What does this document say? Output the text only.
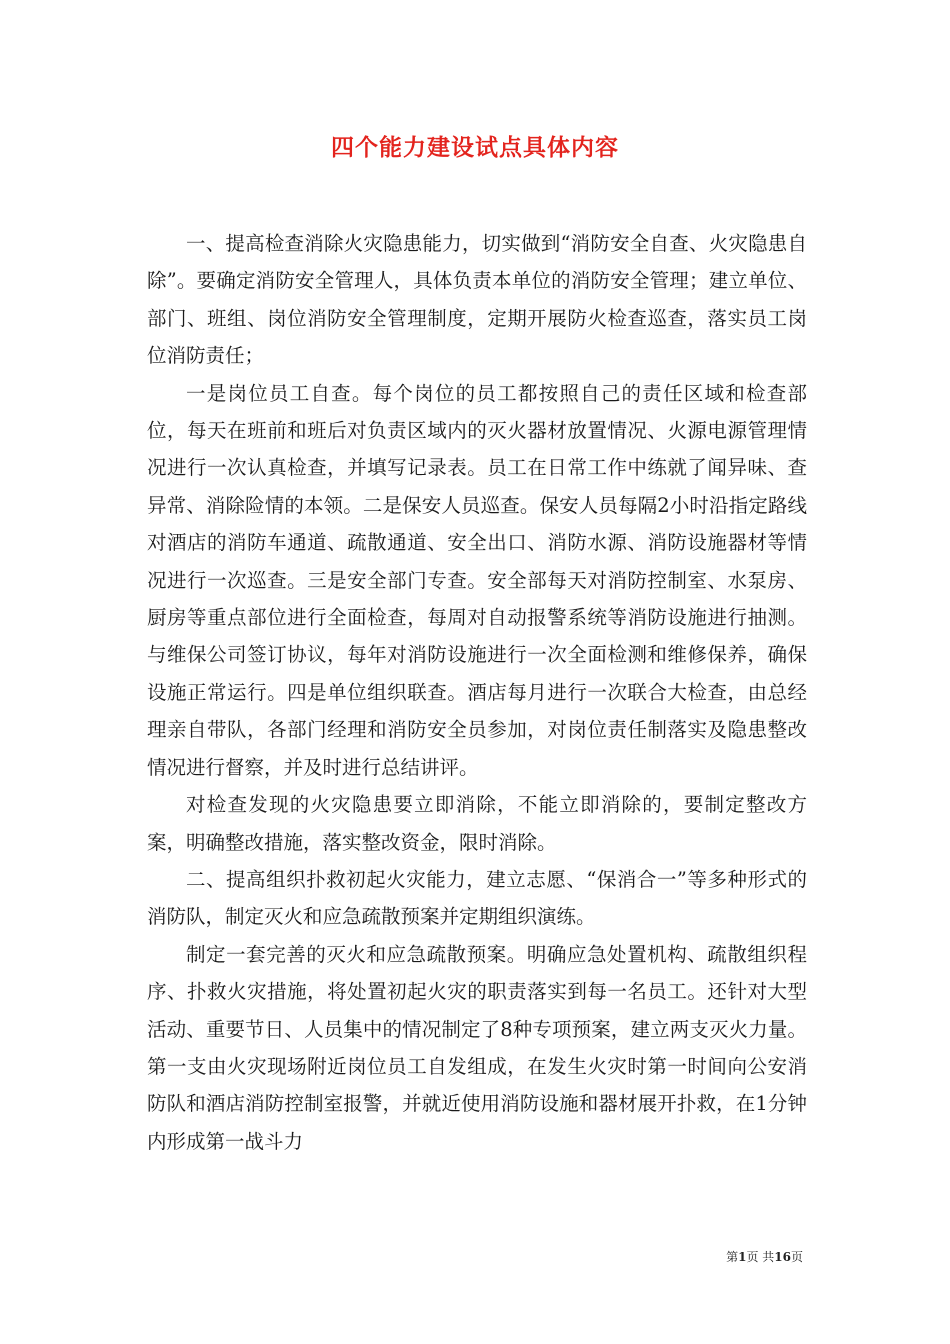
四个能力建设试点具体内容

一、提高检查消除火灾隐患能力，切实做到“消防安全自查、火灾隐患自除”。要确定消防安全管理人，具体负责本单位的消防安全管理；建立单位、部门、班组、岗位消防安全管理制度，定期开展防火检查巡查，落实员工岗位消防责任；

一是岗位员工自查。每个岗位的员工都按照自己的责任区域和检查部位，每天在班前和班后对负责区域内的灭火器材放置情况、火源电源管理情况进行一次认真检查，并填写记录表。员工在日常工作中练就了闻异味、查异常、消除险情的本领。二是保安人员巡查。保安人员每隔2小时沿指定路线对酒店的消防车通道、疏散通道、安全出口、消防水源、消防设施器材等情况进行一次巡查。三是安全部门专查。安全部每天对消防控制室、水泵房、厨房等重点部位进行全面检查，每周对自动报警系统等消防设施进行抽测。与维保公司签订协议，每年对消防设施进行一次全面检测和维修保养，确保设施正常运行。四是单位组织联查。酒店每月进行一次联合大检查，由总经理亲自带队，各部门经理和消防安全员参加，对岗位责任制落实及隐患整改情况进行督察，并及时进行总结讲评。

对检查发现的火灾隐患要立即消除，不能立即消除的，要制定整改方案，明确整改措施，落实整改资金，限时消除。

二、提高组织扑救初起火灾能力，建立志愿、“保消合一”等多种形式的消防队，制定灭火和应急疏散预案并定期组织演练。

制定一套完善的灭火和应急疏散预案。明确应急处置机构、疏散组织程序、扑救火灾措施，将处置初起火灾的职责落实到每一名员工。还针对大型活动、重要节日、人员集中的情况制定了8种专项预案，建立两支灭火力量。第一支由火灾现场附近岗位员工自发组成，在发生火灾时第一时间向公安消防队和酒店消防控制室报警，并就近使用消防设施和器材展开扑救，在1分钟内形成第一战斗力

第1页 共16页
